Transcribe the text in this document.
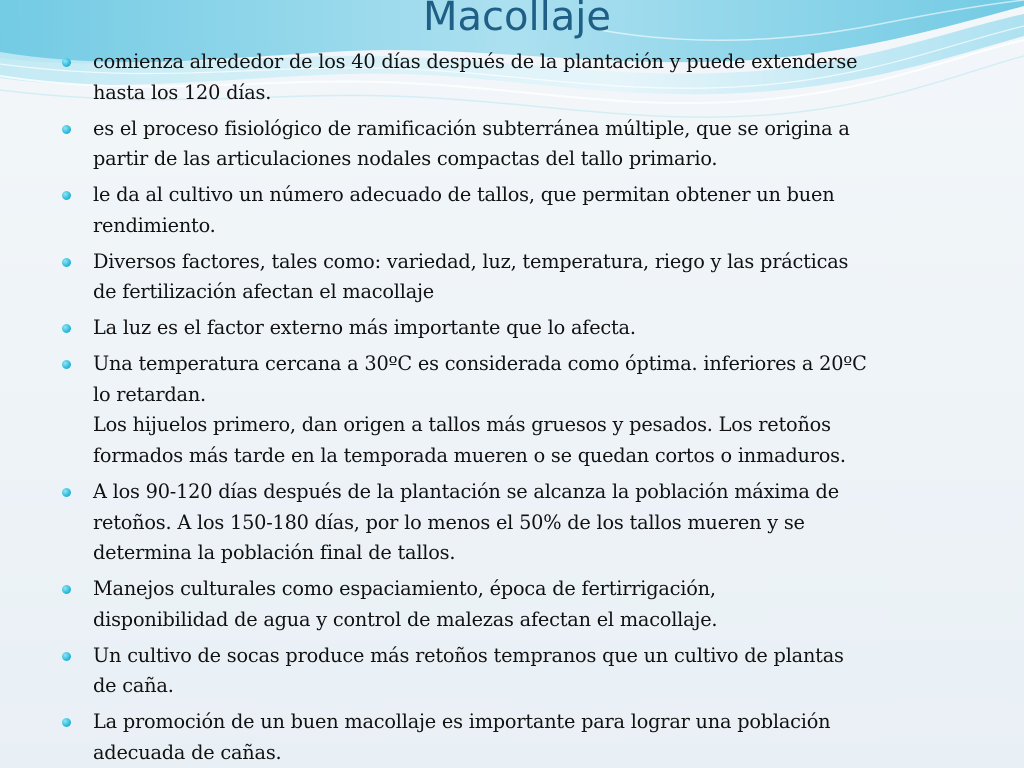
Macollaje
comienza alrededor de los 40 días después de la plantación y puede extenderse
hasta los 120 días.
es el proceso fisiológico de ramificación subterránea múltiple, que se origina a
partir de las articulaciones nodales compactas del tallo primario.
le da al cultivo un número adecuado de tallos, que permitan obtener un buen
rendimiento.
Diversos factores, tales como: variedad, luz, temperatura, riego y las prácticas
de fertilización afectan el macollaje
La luz es el factor externo más importante que lo afecta.
Una temperatura cercana a 30ºC es considerada como óptima. inferiores a 20ºC
lo retardan.
Los hijuelos primero, dan origen a tallos más gruesos y pesados. Los retoños
formados más tarde en la temporada mueren o se quedan cortos o inmaduros.
A los 90-120 días después de la plantación se alcanza la población máxima de
retoños. A los 150-180 días, por lo menos el 50% de los tallos mueren y se
determina la población final de tallos.
Manejos culturales como espaciamiento, época de fertirrigación,
disponibilidad de agua y control de malezas afectan el macollaje.
Un cultivo de socas produce más retoños tempranos que un cultivo de plantas
de caña.
La promoción de un buen macollaje es importante para lograr una población
adecuada de cañas.
